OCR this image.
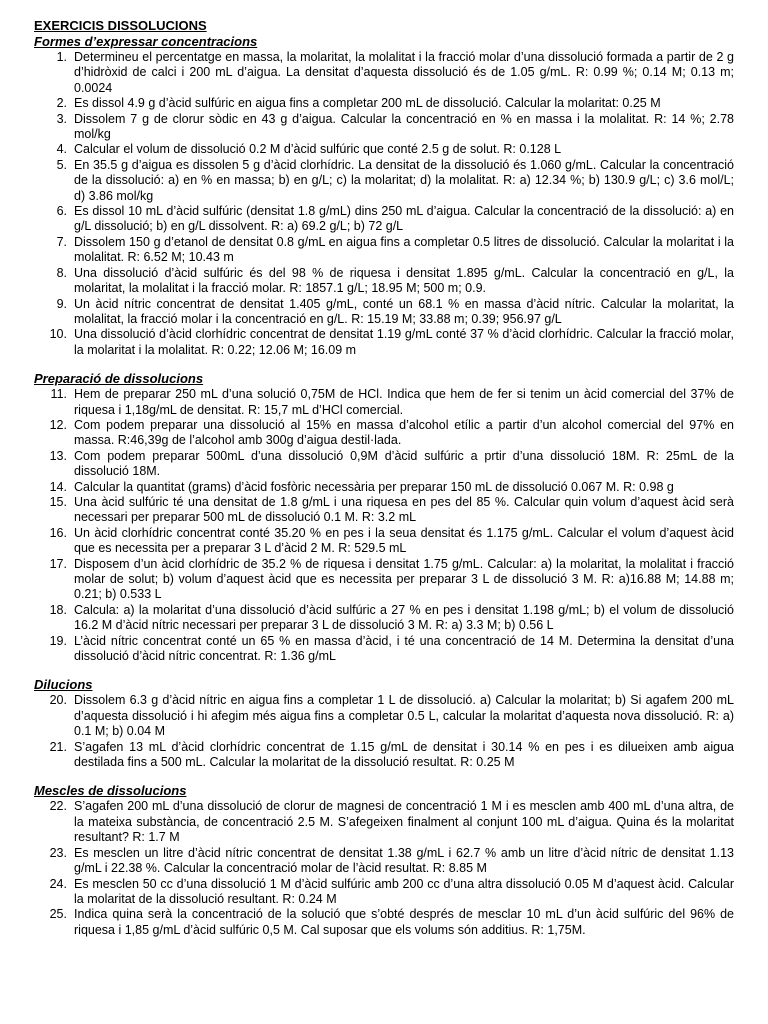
EXERCICIS DISSOLUCIONS
Formes d’expressar concentracions
1. Determineu el percentatge en massa, la molaritat, la molalitat i la fracció molar d’una dissolució formada a partir de 2 g d’hidròxid de calci i 200 mL d’aigua. La densitat d’aquesta dissolució és de 1.05 g/mL. R: 0.99 %; 0.14 M; 0.13 m; 0.0024
2. Es dissol 4.9 g d’àcid sulfúric en aigua fins a completar 200 mL de dissolució. Calcular la molaritat: 0.25 M
3. Dissolem 7 g de clorur sòdic en 43 g d’aigua. Calcular la concentració en % en massa i la molalitat. R: 14 %; 2.78 mol/kg
4. Calcular el volum de dissolució 0.2 M d’àcid sulfúric que conté 2.5 g de solut. R: 0.128 L
5. En 35.5 g d’aigua es dissolen 5 g d’àcid clorhídric. La densitat de la dissolució és 1.060 g/mL. Calcular la concentració de la dissolució: a) en % en massa; b) en g/L; c) la molaritat; d) la molalitat. R: a) 12.34 %; b) 130.9 g/L; c) 3.6 mol/L; d) 3.86 mol/kg
6. Es dissol 10 mL d’àcid sulfúric (densitat 1.8 g/mL) dins 250 mL d’aigua. Calcular la concentració de la dissolució: a) en g/L dissolució; b) en g/L dissolvent. R: a) 69.2 g/L; b) 72 g/L
7. Dissolem 150 g d’etanol de densitat 0.8 g/mL en aigua fins a completar 0.5 litres de dissolució. Calcular la molaritat i la molalitat. R: 6.52 M; 10.43 m
8. Una dissolució d’àcid sulfúric és del 98 % de riquesa i densitat 1.895 g/mL. Calcular la concentració en g/L, la molaritat, la molalitat i la fracció molar. R: 1857.1 g/L; 18.95 M; 500 m; 0.9.
9. Un àcid nítric concentrat de densitat 1.405 g/mL, conté un 68.1 % en massa d’àcid nítric. Calcular la molaritat, la molalitat, la fracció molar i la concentració en g/L. R: 15.19 M; 33.88 m; 0.39; 956.97 g/L
10. Una dissolució d’àcid clorhídric concentrat de densitat 1.19 g/mL conté 37 % d’àcid clorhídric. Calcular la fracció molar, la molaritat i la molalitat. R: 0.22; 12.06 M; 16.09 m
Preparació de dissolucions
11. Hem de preparar 250 mL d’una solució 0,75M de HCl. Indica que hem de fer si tenim un àcid comercial del 37% de riquesa i 1,18g/mL de densitat. R: 15,7 mL d’HCl comercial.
12. Com podem preparar una dissolució al 15% en massa d’alcohol etílic a partir d’un alcohol comercial del 97% en massa. R:46,39g de l’alcohol amb 300g d’aigua destil·lada.
13. Com podem preparar 500mL d’una dissolució 0,9M d’àcid sulfúric a prtir d’una dissolució 18M. R: 25mL de la dissolució 18M.
14. Calcular la quantitat (grams) d’àcid fosfòric necessària per preparar 150 mL de dissolució 0.067 M. R: 0.98 g
15. Una àcid sulfúric té una densitat de 1.8 g/mL i una riquesa en pes del 85 %. Calcular quin volum d’aquest àcid serà necessari per preparar 500 mL de dissolució 0.1 M. R: 3.2 mL
16. Un àcid clorhídric concentrat conté 35.20 % en pes i la seua densitat és 1.175 g/mL. Calcular el volum d’aquest àcid que es necessita per a preparar 3 L d’àcid 2 M. R: 529.5 mL
17. Disposem d’un àcid clorhídric de 35.2 % de riquesa i densitat 1.75 g/mL. Calcular: a) la molaritat, la molalitat i fracció molar de solut; b) volum d’aquest àcid que es necessita per preparar 3 L de dissolució 3 M. R: a)16.88 M; 14.88 m; 0.21; b) 0.533 L
18. Calcula: a) la molaritat d’una dissolució d’àcid sulfúric a 27 % en pes i densitat 1.198 g/mL; b) el volum de dissolució 16.2 M d’àcid nítric necessari per preparar 3 L de dissolució 3 M. R: a) 3.3 M; b) 0.56 L
19. L’àcid nítric concentrat conté un 65 % en massa d’àcid, i té una concentració de 14 M. Determina la densitat d’una dissolució d’àcid nítric concentrat. R: 1.36 g/mL
Dilucions
20. Dissolem 6.3 g d’àcid nítric en aigua fins a completar 1 L de dissolució. a) Calcular la molaritat; b) Si agafem 200 mL d’aquesta dissolució i hi afegim més aigua fins a completar 0.5 L, calcular la molaritat d’aquesta nova dissolució. R: a) 0.1 M; b) 0.04 M
21. S’agafen 13 mL d’àcid clorhídric concentrat de 1.15 g/mL de densitat i 30.14 % en pes i es dilueixen amb aigua destilada fins a 500 mL. Calcular la molaritat de la dissolució resultat. R: 0.25 M
Mescles de dissolucions
22. S’agafen 200 mL d’una dissolució de clorur de magnesi de concentració 1 M i es mesclen amb 400 mL d’una altra, de la mateixa substància, de concentració 2.5 M. S’afegeixen finalment al conjunt 100 mL d’aigua. Quina és la molaritat resultant? R: 1.7 M
23. Es mesclen un litre d’àcid nítric concentrat de densitat 1.38 g/mL i 62.7 % amb un litre d’àcid nítric de densitat 1.13 g/mL i 22.38 %. Calcular la concentració molar de l’àcid resultat. R: 8.85 M
24. Es mesclen 50 cc d’una dissolució 1 M d’àcid sulfúric amb 200 cc d’una altra dissolució 0.05 M d’aquest àcid. Calcular la molaritat de la dissolució resultant. R: 0.24 M
25. Indica quina serà la concentració de la solució que s’obté després de mesclar 10 mL d’un àcid sulfúric del 96% de riquesa i 1,85 g/mL d’àcid sulfúric 0,5 M. Cal suposar que els volums són additius. R: 1,75M.
